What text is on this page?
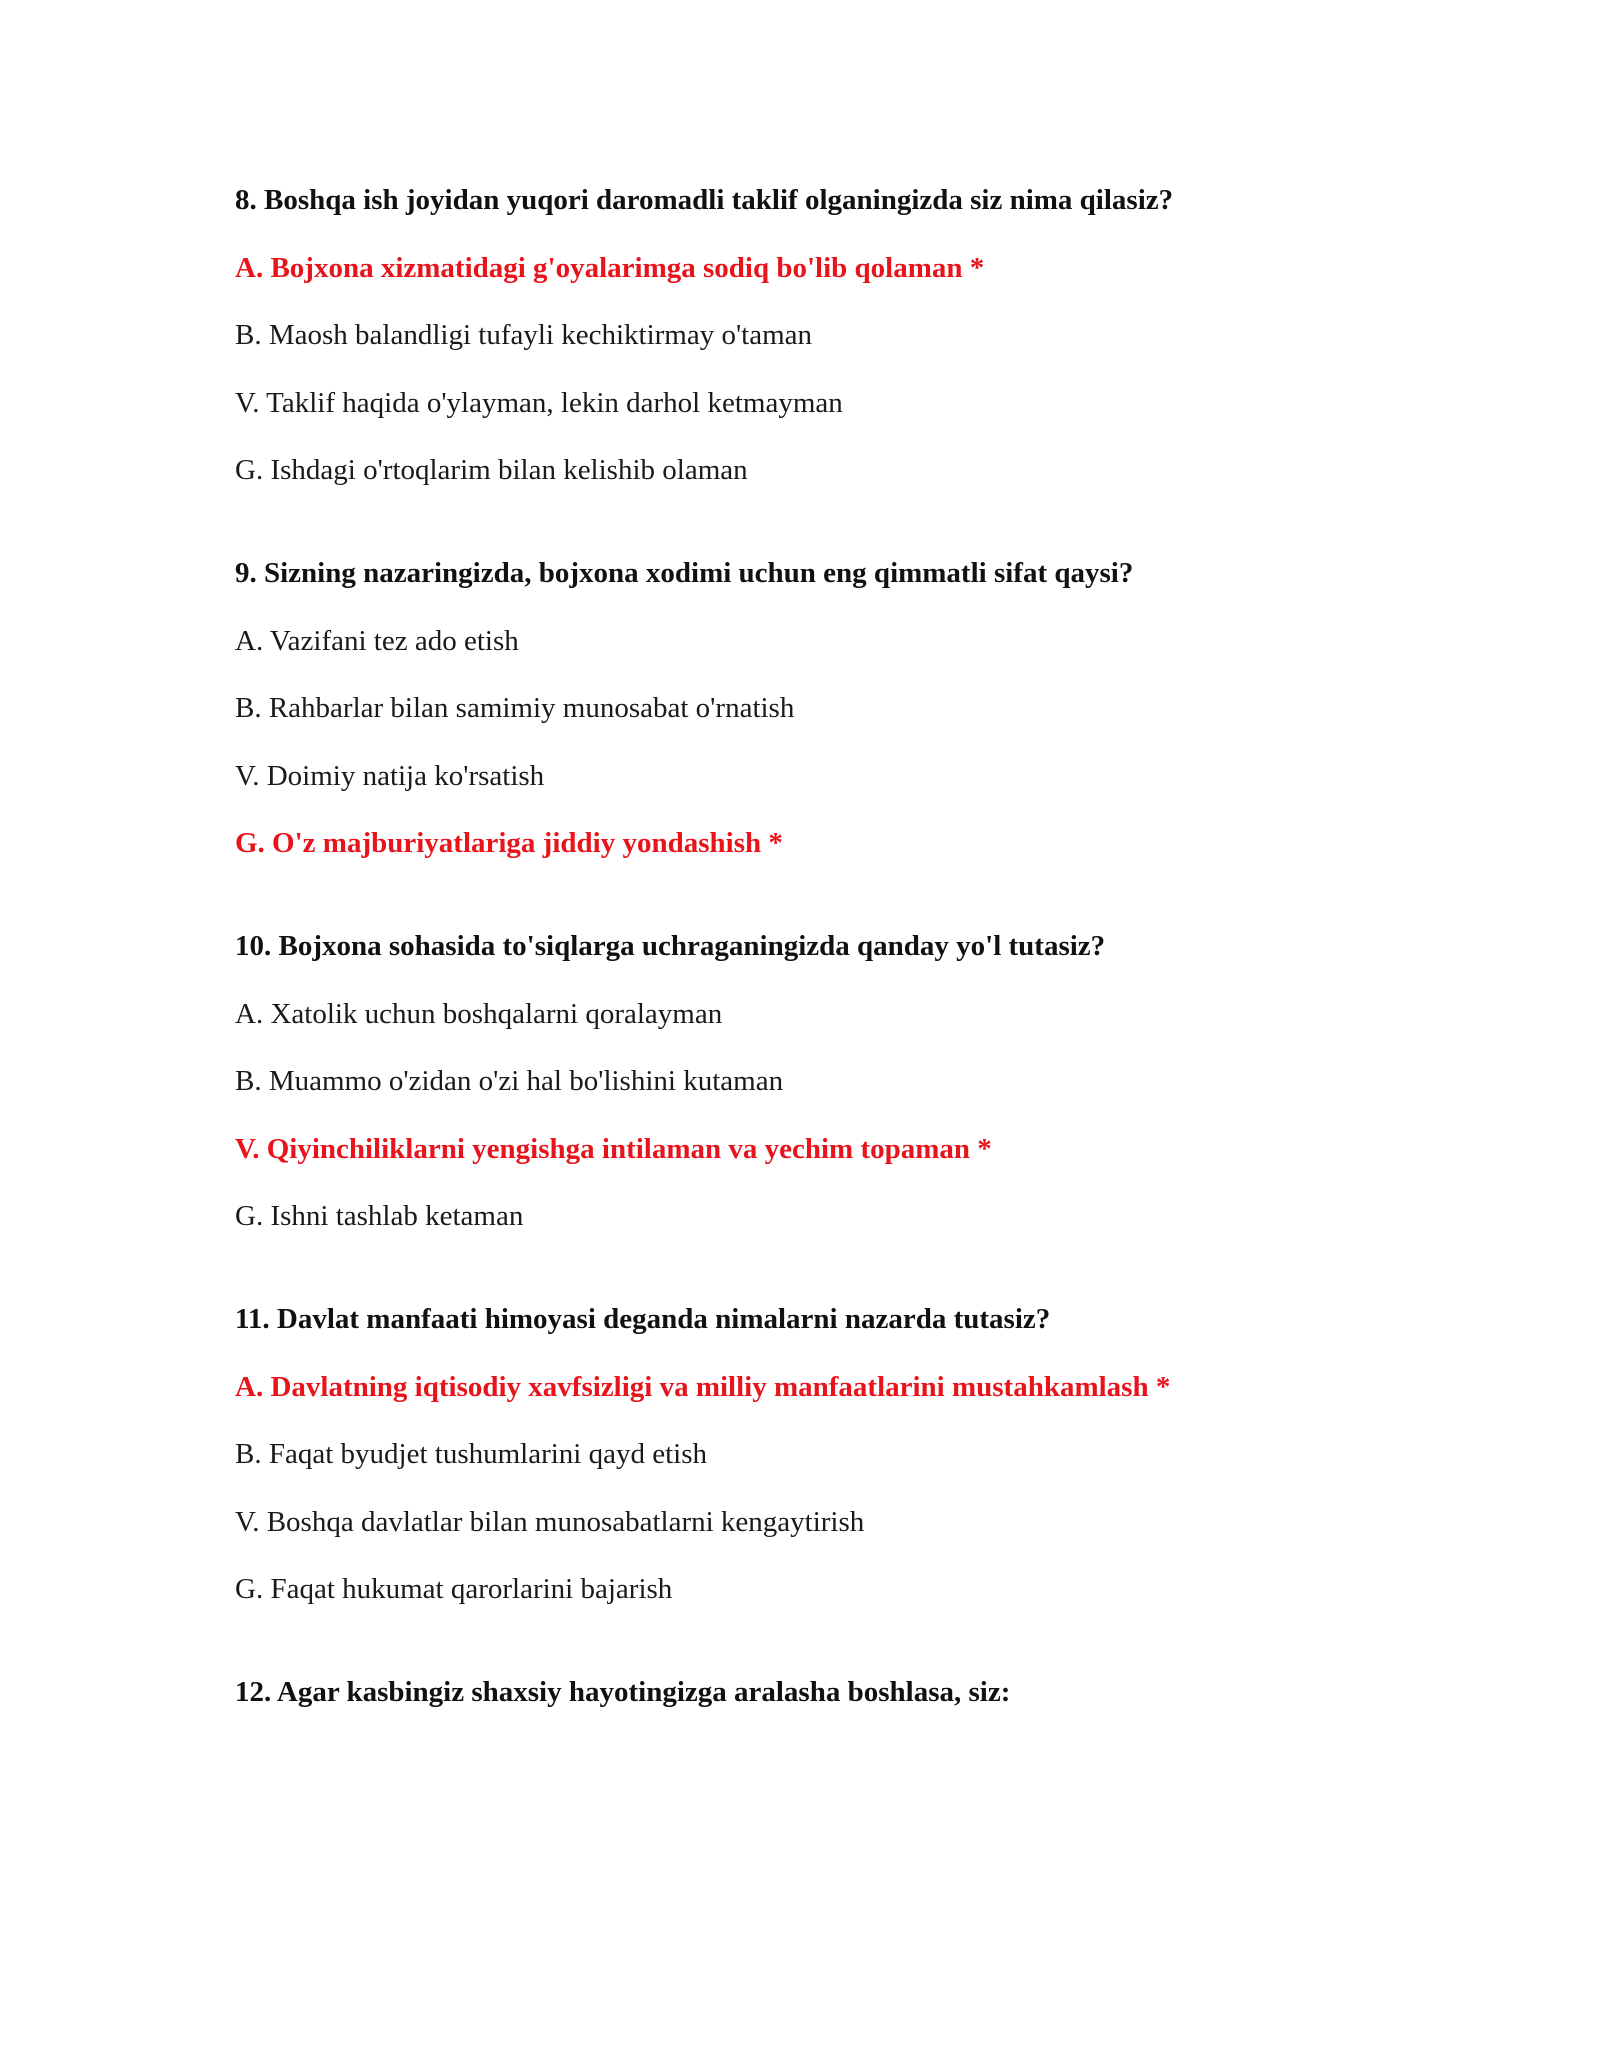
8. Boshqa ish joyidan yuqori daromadli taklif olganingizda siz nima qilasiz?
A. Bojxona xizmatidagi g'oyalarimga sodiq bo'lib qolaman *
B. Maosh balandligi tufayli kechiktirmay o'taman
V. Taklif haqida o'ylayman, lekin darhol ketmayman
G. Ishdagi o'rtoqlarim bilan kelishib olaman
9. Sizning nazaringizda, bojxona xodimi uchun eng qimmatli sifat qaysi?
A. Vazifani tez ado etish
B. Rahbarlar bilan samimiy munosabat o'rnatish
V. Doimiy natija ko'rsatish
G. O'z majburiyatlariga jiddiy yondashish *
10. Bojxona sohasida to'siqlarga uchraganingizda qanday yo'l tutasiz?
A. Xatolik uchun boshqalarni qoralayman
B. Muammo o'zidan o'zi hal bo'lishini kutaman
V. Qiyinchiliklarni yengishga intilaman va yechim topaman *
G. Ishni tashlab ketaman
11. Davlat manfaati himoyasi deganda nimalarni nazarda tutasiz?
A. Davlatning iqtisodiy xavfsizligi va milliy manfaatlarini mustahkamlash *
B. Faqat byudjet tushumlarini qayd etish
V. Boshqa davlatlar bilan munosabatlarni kengaytirish
G. Faqat hukumat qarorlarini bajarish
12. Agar kasbingiz shaxsiy hayotingizga aralasha boshlasa, siz:
